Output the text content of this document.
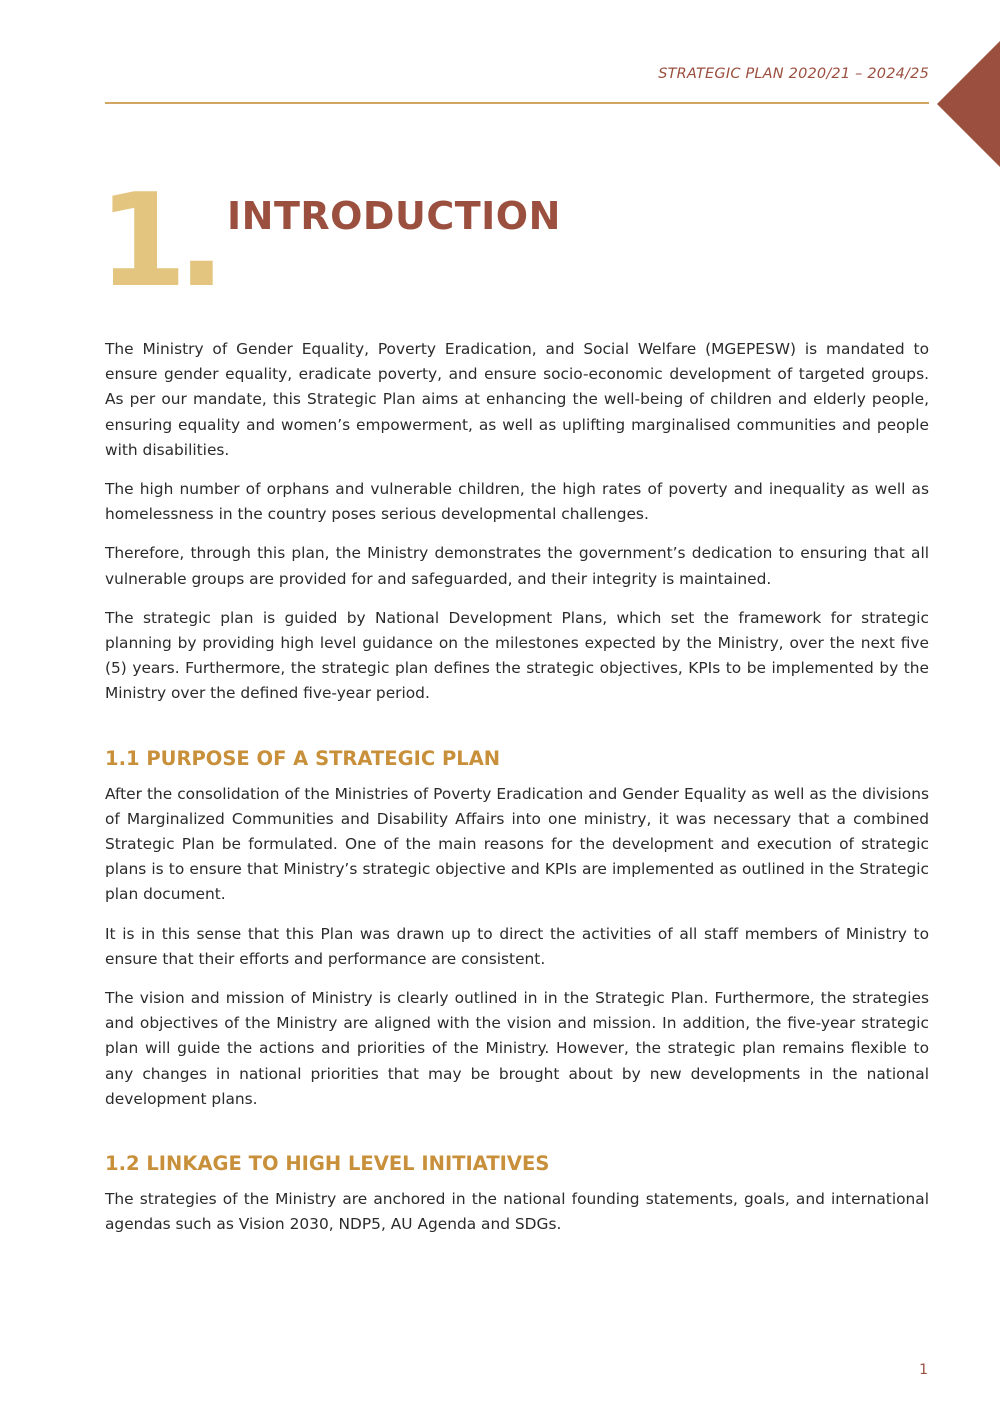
STRATEGIC PLAN 2020/21 – 2024/25
1. INTRODUCTION

The Ministry of Gender Equality, Poverty Eradication, and Social Welfare (MGEPESW) is mandated to ensure gender equality, eradicate poverty, and ensure socio-economic development of targeted groups. As per our mandate, this Strategic Plan aims at enhancing the well-being of children and elderly people, ensuring equality and women’s empowerment, as well as uplifting marginalised communities and people with disabilities.

The high number of orphans and vulnerable children, the high rates of poverty and inequality as well as homelessness in the country poses serious developmental challenges.

Therefore, through this plan, the Ministry demonstrates the government’s dedication to ensuring that all vulnerable groups are provided for and safeguarded, and their integrity is maintained.

The strategic plan is guided by National Development Plans, which set the framework for strategic planning by providing high level guidance on the milestones expected by the Ministry, over the next five (5) years. Furthermore, the strategic plan defines the strategic objectives, KPIs to be implemented by the Ministry over the defined five-year period.

1.1 PURPOSE OF A STRATEGIC PLAN

After the consolidation of the Ministries of Poverty Eradication and Gender Equality as well as the divisions of Marginalized Communities and Disability Affairs into one ministry, it was necessary that a combined Strategic Plan be formulated. One of the main reasons for the development and execution of strategic plans is to ensure that Ministry’s strategic objective and KPIs are implemented as outlined in the Strategic plan document.

It is in this sense that this Plan was drawn up to direct the activities of all staff members of Ministry to ensure that their efforts and performance are consistent.

The vision and mission of Ministry is clearly outlined in in the Strategic Plan. Furthermore, the strategies and objectives of the Ministry are aligned with the vision and mission. In addition, the five-year strategic plan will guide the actions and priorities of the Ministry. However, the strategic plan remains flexible to any changes in national priorities that may be brought about by new developments in the national development plans.

1.2 LINKAGE TO HIGH LEVEL INITIATIVES

The strategies of the Ministry are anchored in the national founding statements, goals, and international agendas such as Vision 2030, NDP5, AU Agenda and SDGs.

1
